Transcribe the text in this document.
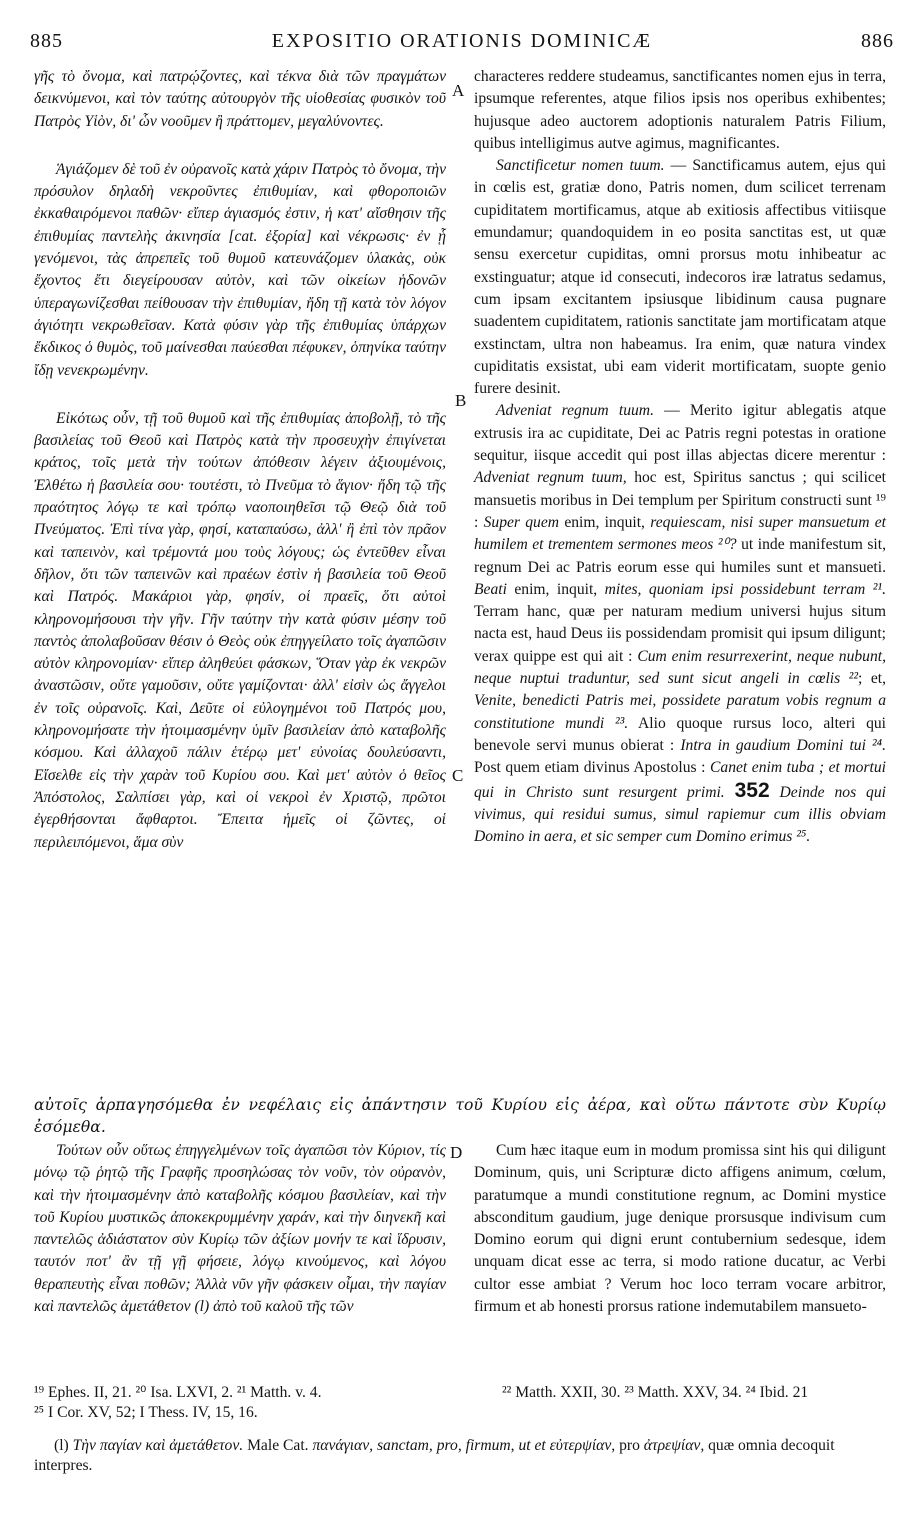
885	EXPOSITIO ORATIONIS DOMINICÆ	886

γῆς τὸ ὄνομα, καὶ πατρῴζοντες, καὶ τέκνα διὰ τῶν πραγμάτων δεικνύμενοι, καὶ τὸν ταύτης αὐτουργὸν τῆς υἱοθεσίας φυσικὸν τοῦ Πατρὸς Υἱὸν, δι' ὧν νοοῦμεν ἢ πράττομεν, μεγαλύνοντες.

Ἁγιάζομεν δὲ τοῦ ἐν οὐρανοῖς κατὰ χάριν Πατρὸς τὸ ὄνομα, τὴν πρόσυλον δηλαδὴ νεκροῦντες ἐπιθυμίαν, καὶ φθοροποιῶν ἐκκαθαιρόμενοι παθῶν· εἴπερ ἁγιασμός ἐστιν, ἡ κατ' αἴσθησιν τῆς ἐπιθυμίας παντελὴς ἀκινησία [cat. ἐξορία] καὶ νέκρωσις· ἐν ᾗ γενόμενοι, τὰς ἀπρεπεῖς τοῦ θυμοῦ κατευνάζομεν ὑλακὰς, οὐκ ἔχοντος ἔτι διεγείρουσαν αὐτὸν, καὶ τῶν οἰκείων ἡδονῶν ὑπεραγωνίζεσθαι πείθουσαν τὴν ἐπιθυμίαν, ἤδη τῇ κατὰ τὸν λόγον ἁγιότητι νεκρωθεῖσαν. Κατὰ φύσιν γὰρ τῆς ἐπιθυμίας ὑπάρχων ἔκδικος ὁ θυμὸς, τοῦ μαίνεσθαι παύεσθαι πέφυκεν, ὁπηνίκα ταύτην ἴδῃ νενεκρωμένην.

Εἰκότως οὖν, τῇ τοῦ θυμοῦ καὶ τῆς ἐπιθυμίας ἀποβολῇ, τὸ τῆς βασιλείας τοῦ Θεοῦ καὶ Πατρὸς κατὰ τὴν προσευχὴν ἐπιγίνεται κράτος, τοῖς μετὰ τὴν τούτων ἀπόθεσιν λέγειν ἀξιουμένοις, Ἐλθέτω ἡ βασιλεία σου· τουτέστι, τὸ Πνεῦμα τὸ ἅγιον· ἤδη τῷ τῆς πραότητος λόγῳ τε καὶ τρόπῳ ναοποιηθεῖσι τῷ Θεῷ διὰ τοῦ Πνεύματος. Ἐπὶ τίνα γὰρ, φησί, καταπαύσω, ἀλλ' ἢ ἐπὶ τὸν πρᾶον καὶ ταπεινὸν, καὶ τρέμοντά μου τοὺς λόγους; ὡς ἐντεῦθεν εἶναι δῆλον, ὅτι τῶν ταπεινῶν καὶ πραέων ἐστὶν ἡ βασιλεία τοῦ Θεοῦ καὶ Πατρός. Μακάριοι γὰρ, φησίν, οἱ πραεῖς, ὅτι αὐτοὶ κληρονομήσουσι τὴν γῆν. Γῆν ταύτην τὴν κατὰ φύσιν μέσην τοῦ παντὸς ἀπολαβοῦσαν θέσιν ὁ Θεὸς οὐκ ἐπηγγείλατο τοῖς ἀγαπῶσιν αὐτὸν κληρονομίαν· εἴπερ ἀληθεύει φάσκων, Ὅταν γὰρ ἐκ νεκρῶν ἀναστῶσιν, οὔτε γαμοῦσιν, οὔτε γαμίζονται· ἀλλ' εἰσὶν ὡς ἄγγελοι ἐν τοῖς οὐρανοῖς. Καὶ, Δεῦτε οἱ εὐλογημένοι τοῦ Πατρός μου, κληρονομήσατε τὴν ἡτοιμασμένην ὑμῖν βασιλείαν ἀπὸ καταβολῆς κόσμου. Καὶ ἀλλαχοῦ πάλιν ἑτέρῳ μετ' εὐνοίας δουλεύσαντι, Εἴσελθε εἰς τὴν χαρὰν τοῦ Κυρίου σου. Καὶ μετ' αὐτὸν ὁ θεῖος Ἀπόστολος, Σαλπίσει γὰρ, καὶ οἱ νεκροὶ ἐν Χριστῷ, πρῶτοι ἐγερθήσονται ἄφθαρτοι. Ἔπειτα ἡμεῖς οἱ ζῶντες, οἱ περιλειπόμενοι, ἅμα σὺν

characteres reddere studeamus, sanctificantes nomen ejus in terra, ipsumque referentes, atque filios ipsis nos operibus exhibentes; hujusque adeo auctorem adoptionis naturalem Patris Filium, quibus intelligimus autve agimus, magnificantes.

Sanctificetur nomen tuum. — Sanctificamus autem, ejus qui in cœlis est, gratiæ dono, Patris nomen, dum scilicet terrenam cupiditatem mortificamus, atque ab exitiosis affectibus vitiisque emundamur; quandoquidem in eo posita sanctitas est, ut quæ sensu exercetur cupiditas, omni prorsus motu inhibeatur ac exstinguatur; atque id consecuti, indecoros iræ latratus sedamus, cum ipsam excitantem ipsiusque libidinum causa pugnare suadentem cupiditatem, rationis sanctitate jam mortificatam atque exstinctam, ultra non habeamus. Ira enim, quæ natura vindex cupiditatis exsistat, ubi eam viderit mortificatam, suopte genio furere desinit.

Adveniat regnum tuum. — Merito igitur ablegatis atque extrusis ira ac cupiditate, Dei ac Patris regni potestas in oratione sequitur, iisque accedit qui post illas abjectas dicere merentur : Adveniat regnum tuum, hoc est, Spiritus sanctus ; qui scilicet mansuetis moribus in Dei templum per Spiritum constructi sunt ¹⁹ : Super quem enim, inquit, requiescam, nisi super mansuetum et humilem et trementem sermones meos ²⁰? ut inde manifestum sit, regnum Dei ac Patris eorum esse qui humiles sunt et mansueti. Beati enim, inquit, mites, quoniam ipsi possidebunt terram ²¹. Terram hanc, quæ per naturam medium universi hujus situm nacta est, haud Deus iis possidendam promisit qui ipsum diligunt; verax quippe est qui ait : Cum enim resurrexerint, neque nubunt, neque nuptui traduntur, sed sunt sicut angeli in cœlis ²²; et, Venite, benedicti Patris mei, possidete paratum vobis regnum a constitutione mundi ²³. Alio quoque rursus loco, alteri qui benevole servi munus obierat : Intra in gaudium Domini tui ²⁴. Post quem etiam divinus Apostolus : Canet enim tuba ; et mortui qui in Christo sunt resurgent primi. 352 Deinde nos qui vivimus, qui residui sumus, simul rapiemur cum illis obviam Domino in aera, et sic semper cum Domino erimus ²⁵.

αὐτοῖς ἁρπαγησόμεθα ἐν νεφέλαις εἰς ἀπάντησιν τοῦ Κυρίου εἰς ἀέρα, καὶ οὕτω πάντοτε σὺν Κυρίῳ ἐσόμεθα.

Τούτων οὖν οὕτως ἐπηγγελμένων τοῖς ἀγαπῶσι τὸν Κύριον, τίς μόνῳ τῷ ῥητῷ τῆς Γραφῆς προσηλώσας τὸν νοῦν, τὸν οὐρανὸν, καὶ τὴν ἡτοιμασμένην ἀπὸ καταβολῆς κόσμου βασιλείαν, καὶ τὴν τοῦ Κυρίου μυστικῶς ἀποκεκρυμμένην χαράν, καὶ τὴν διηνεκῆ καὶ παντελῶς ἀδιάστατον σὺν Κυρίῳ τῶν ἀξίων μονήν τε καὶ ἵδρυσιν, ταυτόν ποτ' ἂν τῇ γῇ φήσειε, λόγῳ κινούμενος, καὶ λόγου θεραπευτὴς εἶναι ποθῶν; Ἀλλὰ νῦν γῆν φάσκειν οἶμαι, τὴν παγίαν καὶ παντελῶς ἀμετάθετον (l) ἀπὸ τοῦ καλοῦ τῆς τῶν

Cum hæc itaque eum in modum promissa sint his qui diligunt Dominum, quis, uni Scripturæ dicto affigens animum, cœlum, paratumque a mundi constitutione regnum, ac Domini mystice absconditum gaudium, juge denique prorsusque indivisum cum Domino eorum qui digni erunt contubernium sedesque, idem unquam dicat esse ac terra, si modo ratione ducatur, ac Verbi cultor esse ambiat ? Verum hoc loco terram vocare arbitror, firmum et ab honesti prorsus ratione indemutabilem mansueto-

A
B
C
D
¹⁹ Ephes. II, 21. ²⁰ Isa. LXVI, 2. ²¹ Matth. v. 4.	²² Matth. XXII, 30. ²³ Matth. XXV, 34. ²⁴ Ibid. 21
²⁵ I Cor. XV, 52; I Thess. IV, 15, 16.
(l) Τὴν παγίαν καὶ ἀμετάθετον. Male Cat. πανάγιαν, sanctam, pro, firmum, ut et εὐτερψίαν, pro ἀτρεψίαν, quæ omnia decoquit interpres.
